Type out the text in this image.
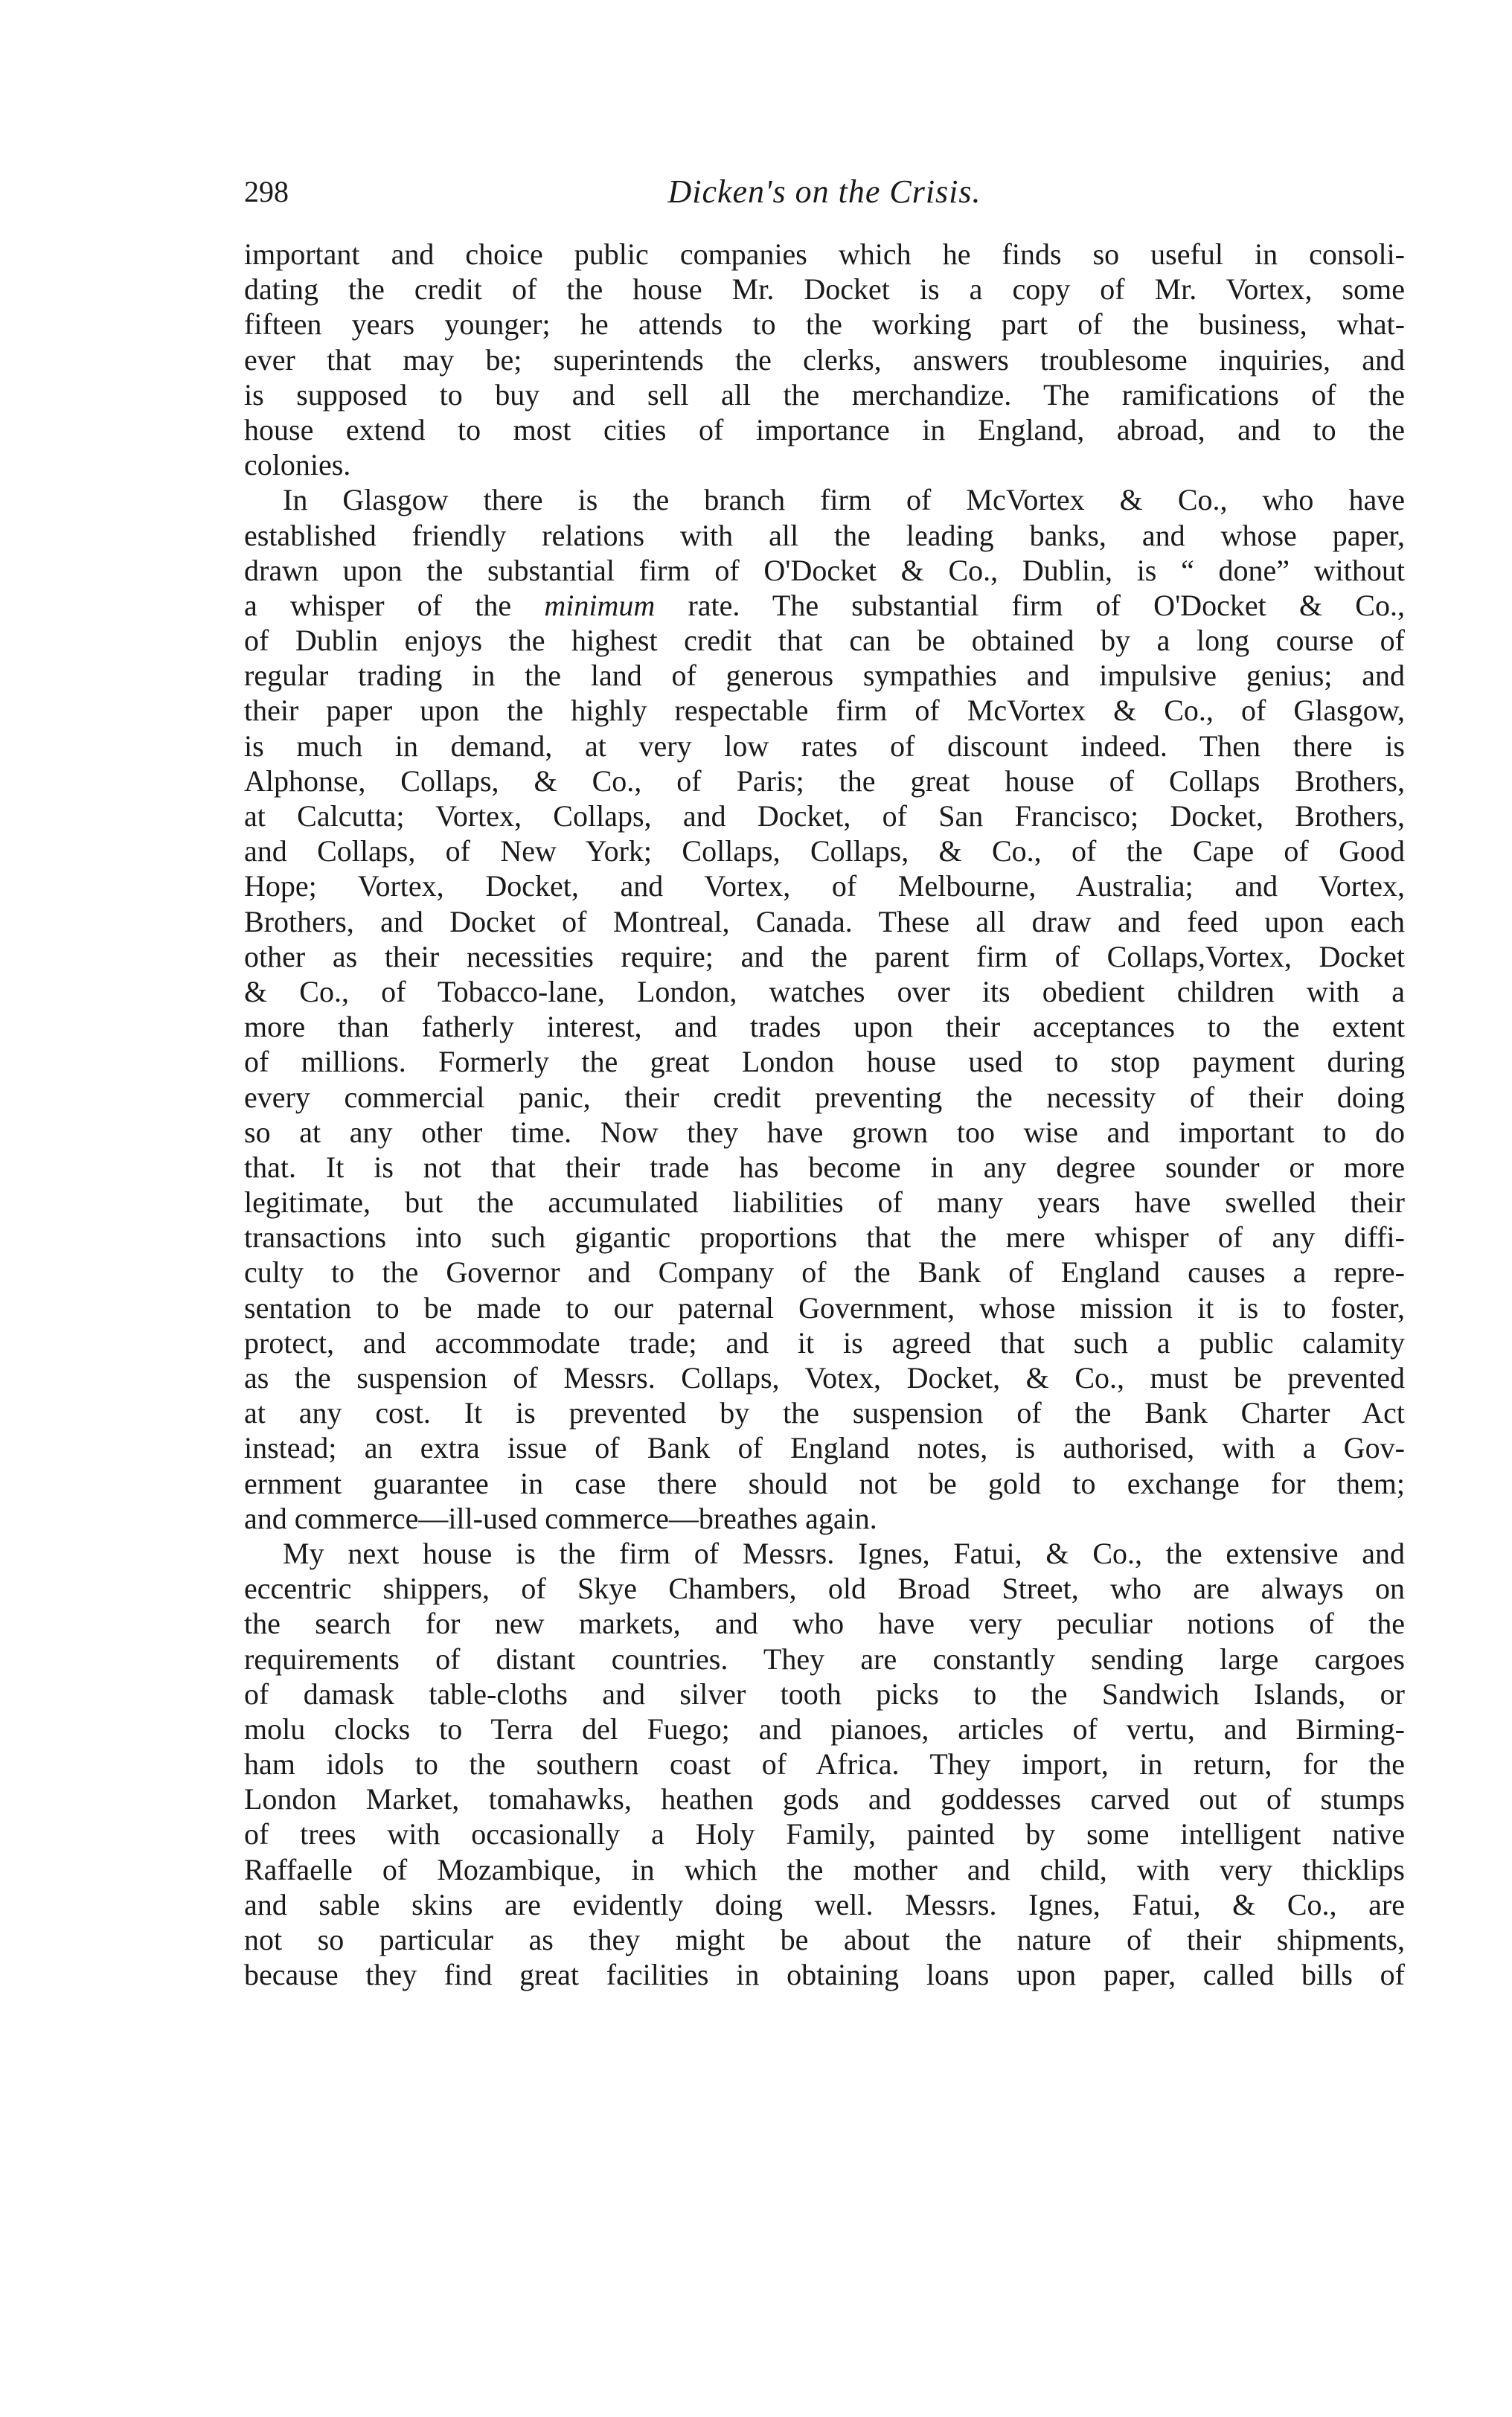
298	Dicken's on the Crisis.
important and choice public companies which he finds so useful in consoli-
dating the credit of the house Mr. Docket is a copy of Mr. Vortex, some
fifteen years younger; he attends to the working part of the business, what-
ever that may be; superintends the clerks, answers troublesome inquiries, and
is supposed to buy and sell all the merchandize. The ramifications of the
house extend to most cities of importance in England, abroad, and to the
colonies.
In Glasgow there is the branch firm of McVortex & Co., who have
established friendly relations with all the leading banks, and whose paper,
drawn upon the substantial firm of O'Docket & Co., Dublin, is “ done” without
a whisper of the minimum rate. The substantial firm of O'Docket & Co.,
of Dublin enjoys the highest credit that can be obtained by a long course of
regular trading in the land of generous sympathies and impulsive genius; and
their paper upon the highly respectable firm of McVortex & Co., of Glasgow,
is much in demand, at very low rates of discount indeed. Then there is
Alphonse, Collaps, & Co., of Paris; the great house of Collaps Brothers,
at Calcutta; Vortex, Collaps, and Docket, of San Francisco; Docket, Brothers,
and Collaps, of New York; Collaps, Collaps, & Co., of the Cape of Good
Hope; Vortex, Docket, and Vortex, of Melbourne, Australia; and Vortex,
Brothers, and Docket of Montreal, Canada. These all draw and feed upon each
other as their necessities require; and the parent firm of Collaps,Vortex, Docket
& Co., of Tobacco-lane, London, watches over its obedient children with a
more than fatherly interest, and trades upon their acceptances to the extent
of millions. Formerly the great London house used to stop payment during
every commercial panic, their credit preventing the necessity of their doing
so at any other time. Now they have grown too wise and important to do
that. It is not that their trade has become in any degree sounder or more
legitimate, but the accumulated liabilities of many years have swelled their
transactions into such gigantic proportions that the mere whisper of any diffi-
culty to the Governor and Company of the Bank of England causes a repre-
sentation to be made to our paternal Government, whose mission it is to foster,
protect, and accommodate trade; and it is agreed that such a public calamity
as the suspension of Messrs. Collaps, Votex, Docket, & Co., must be prevented
at any cost. It is prevented by the suspension of the Bank Charter Act
instead; an extra issue of Bank of England notes, is authorised, with a Gov-
ernment guarantee in case there should not be gold to exchange for them;
and commerce—ill-used commerce—breathes again.
My next house is the firm of Messrs. Ignes, Fatui, & Co., the extensive and
eccentric shippers, of Skye Chambers, old Broad Street, who are always on
the search for new markets, and who have very peculiar notions of the
requirements of distant countries. They are constantly sending large cargoes
of damask table-cloths and silver tooth picks to the Sandwich Islands, or
molu clocks to Terra del Fuego; and pianoes, articles of vertu, and Birming-
ham idols to the southern coast of Africa. They import, in return, for the
London Market, tomahawks, heathen gods and goddesses carved out of stumps
of trees with occasionally a Holy Family, painted by some intelligent native
Raffaelle of Mozambique, in which the mother and child, with very thicklips
and sable skins are evidently doing well. Messrs. Ignes, Fatui, & Co., are
not so particular as they might be about the nature of their shipments,
because they find great facilities in obtaining loans upon paper, called bills of
